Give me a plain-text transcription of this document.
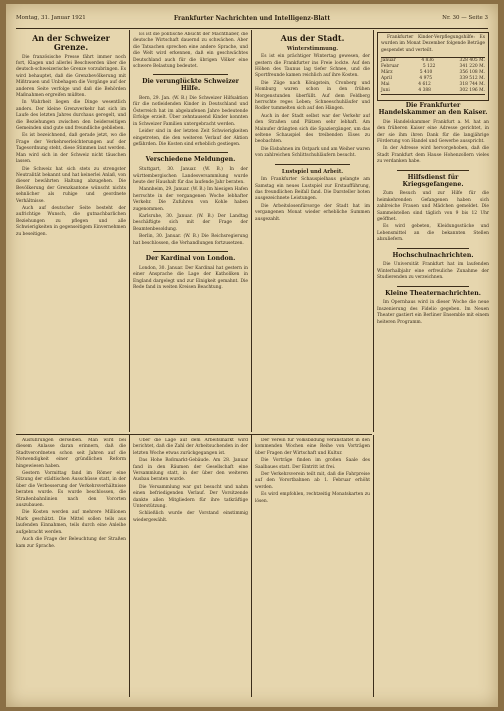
Montag, 31. Januar 1921	Frankfurter Nachrichten und Intelligenz-Blatt	Nr. 30 — Seite 3
An der Schweizer Grenze.

Die französische Presse fährt immer noch fort, Klagen und allerlei Beschwerden über die deutsch-schweizerische Grenze vorzubringen. Es wird behauptet, daß die Grenzbevölkerung mit Mißtrauen und Unbehagen die Vorgänge auf der anderen Seite verfolge und daß die Behörden Maßnahmen ergreifen müßten.

In Wahrheit liegen die Dinge wesentlich anders. Der kleine Grenzverkehr hat sich im Laufe des letzten Jahres durchaus geregelt, und die Beziehungen zwischen den beiderseitigen Gemeinden sind gute und freundliche geblieben.

Es ist bezeichnend, daß gerade jetzt, wo die Frage der Verkehrserleichterungen auf der Tagesordnung steht, diese Stimmen laut werden. Man wird sich in der Schweiz nicht täuschen lassen.

Die Schweiz hat sich stets zu strengster Neutralität bekannt und hat keinerlei Anlaß, von dieser bewährten Haltung abzugehen. Die Bevölkerung der Grenzkantone wünscht nichts sehnlicher als ruhige und geordnete Verhältnisse.

Auch auf deutscher Seite besteht der aufrichtige Wunsch, die gutnachbarlichen Beziehungen zu pflegen und alle Schwierigkeiten in gegenseitigem Einvernehmen zu beseitigen.

Es ist die politische Absicht der Machthaber, die deutsche Wirtschaft dauernd zu schwächen. Aber die Tatsachen sprechen eine andere Sprache, und die Welt wird erkennen, daß ein geschwächtes Deutschland auch für die übrigen Völker eine schwere Belastung bedeutet.

Die verunglückte Schweizer Hilfe.

Bern, 29. Jan. (W. B.) Die Schweizer Hilfsaktion für die notleidenden Kinder in Deutschland und Österreich hat im abgelaufenen Jahre bedeutende Erfolge erzielt. Über zehntausend Kinder konnten in Schweizer Familien untergebracht werden.

Leider sind in der letzten Zeit Schwierigkeiten eingetreten, die den weiteren Verlauf der Aktion gefährden. Die Kosten sind erheblich gestiegen.

Verschiedene Meldungen.

Stuttgart, 30. Januar. (W. B.) In der württembergischen Landesversammlung wurde heute der Haushalt für das laufende Jahr beraten.

Mannheim, 29. Januar. (W. B.) Im hiesigen Hafen herrschte in der vergangenen Woche lebhafter Verkehr. Die Zufuhren von Kohle haben zugenommen.

Karlsruhe, 30. Januar. (W. B.) Der Landtag beschäftigte sich mit der Frage der Beamtenbesoldung.

Berlin, 30. Januar. (W. B.) Die Reichsregierung hat beschlossen, die Verhandlungen fortzusetzen.

Der Kardinal von London.

London, 30. Januar. Der Kardinal hat gestern in einer Ansprache die Lage der Katholiken in England dargelegt und zur Einigkeit gemahnt. Die Rede fand in weiten Kreisen Beachtung.

Aus der Stadt.
Winterstimmung.

Es ist ein prächtiger Wintertag gewesen, der gestern die Frankfurter ins Freie lockte. Auf den Höhen des Taunus lag tiefer Schnee, und die Sportfreunde kamen reichlich auf ihre Kosten.

Die Züge nach Königstein, Cronberg und Homburg waren schon in den frühen Morgenstunden überfüllt. Auf dem Feldberg herrschte reges Leben; Schneeschuhläufer und Rodler tummelten sich auf den Hängen.

Auch in der Stadt selbst war der Verkehr auf den Straßen und Plätzen sehr lebhaft. Am Mainufer drängten sich die Spaziergänger, um das seltene Schauspiel des treibenden Eises zu beobachten.

Die Eisbahnen im Ostpark und am Weiher waren von zahlreichen Schlittschuhläufern besucht.

Lustspiel und Arbeit.

Im Frankfurter Schauspielhaus gelangte am Samstag ein neues Lustspiel zur Erstaufführung, das freundlichen Beifall fand. Die Darsteller boten ausgezeichnete Leistungen.

Die Arbeitslosenfürsorge der Stadt hat im vergangenen Monat wieder erhebliche Summen ausgezahlt.

Frankfurter Kinder-Verpflegungshilfe: Es wurden im Monat Dezember folgende Beträge gespendet und verteilt.

Januar	4 836	328 405 M.
Februar	5 122	341 220 M.
März	5 410	356 108 M.
April	4 975	339 512 M.
Mai	4 612	318 744 M.
Juni	4 388	302 196 M.
Die Frankfurter Handelskammer an den Kaiser.

Die Handelskammer Frankfurt a. M. hat an den früheren Kaiser eine Adresse gerichtet, in der sie ihm ihren Dank für die langjährige Förderung von Handel und Gewerbe ausspricht.

In der Adresse wird hervorgehoben, daß die Stadt Frankfurt dem Hause Hohenzollern vieles zu verdanken habe.

Hilfsdienst für Kriegsgefangene.

Zum Besuch und zur Hilfe für die heimkehrenden Gefangenen haben sich zahlreiche Frauen und Mädchen gemeldet. Die Sammelstellen sind täglich von 9 bis 12 Uhr geöffnet.

Es wird gebeten, Kleidungsstücke und Lebensmittel an die bekannten Stellen abzuliefern.

Hochschulnachrichten.

Die Universität Frankfurt hat im laufenden Winterhalbjahr eine erfreuliche Zunahme der Studierenden zu verzeichnen.

Kleine Theaternachrichten.

Im Opernhaus wird in dieser Woche die neue Inszenierung des Fidelio gegeben. Im Neuen Theater gastiert ein Berliner Ensemble mit einem heiteren Programm.

Ausführungen derselben. Man wird bei diesem Anlasse daran erinnern, daß die Stadtverordneten schon seit Jahren auf die Notwendigkeit einer gründlichen Reform hingewiesen haben.

Gestern Vormittag fand im Römer eine Sitzung der städtischen Ausschüsse statt, in der über die Verbesserung der Verkehrsverhältnisse beraten wurde. Es wurde beschlossen, die Straßenbahnlinien nach den Vororten auszubauen.

Die Kosten werden auf mehrere Millionen Mark geschätzt. Die Mittel sollen teils aus laufenden Einnahmen, teils durch eine Anleihe aufgebracht werden.

Auch die Frage der Beleuchtung der Straßen kam zur Sprache.

Über die Lage auf dem Arbeitsmarkt wird berichtet, daß die Zahl der Arbeitsuchenden in der letzten Woche etwas zurückgegangen ist.

Das Hohe Roßmarkt-Gebäude. Am 28. Januar fand in den Räumen der Gesellschaft eine Versammlung statt, in der über den weiteren Ausbau beraten wurde.

Die Versammlung war gut besucht und nahm einen befriedigenden Verlauf. Der Vorsitzende dankte allen Mitgliedern für ihre tatkräftige Unterstützung.

Schließlich wurde der Vorstand einstimmig wiedergewählt.

Der Verein für Volksbildung veranstaltet in den kommenden Wochen eine Reihe von Vorträgen über Fragen der Wirtschaft und Kultur.

Die Vorträge finden im großen Saale des Saalbaues statt. Der Eintritt ist frei.

Der Verkehrsverein teilt mit, daß die Fahrpreise auf den Vorortbahnen ab 1. Februar erhöht werden.

Es wird empfohlen, rechtzeitig Monatskarten zu lösen.
